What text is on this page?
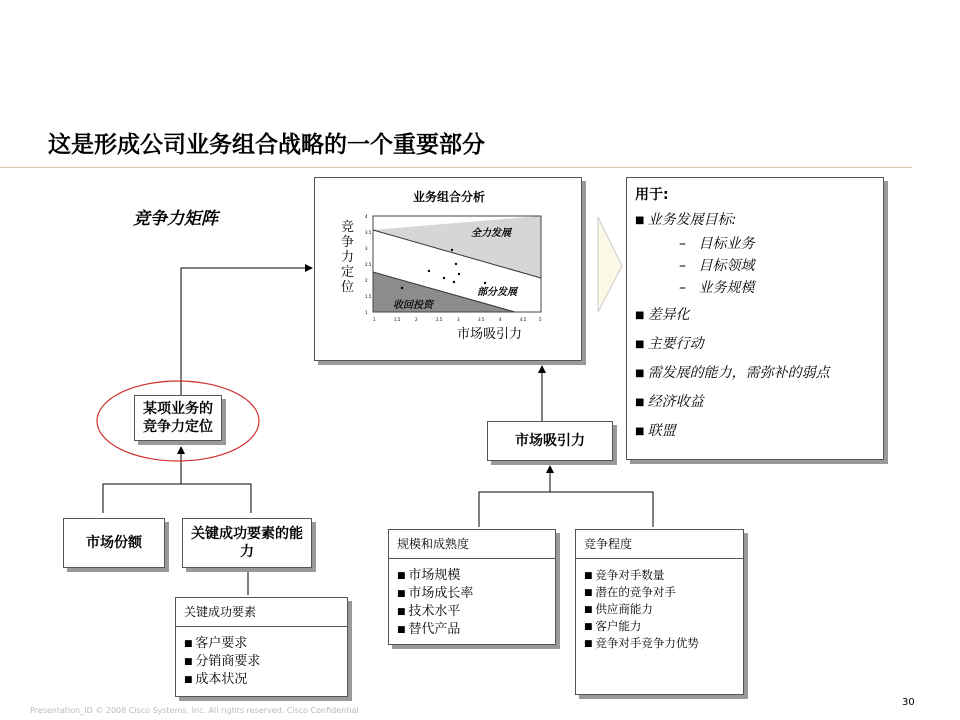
这是形成公司业务组合战略的一个重要部分
竞争力矩阵
业务组合分析
竞争力定位
全力发展
部分发展
收回投资
1	1.5	2	2.5	3	3.5	4	4.5	5
4
3.5
3
2.5
2
1.5
1
市场吸引力
用于:
■ 业务发展目标:
– 目标业务
– 目标领域
– 业务规模
■ 差异化
■ 主要行动
■ 需发展的能力，需弥补的弱点
■ 经济收益
■ 联盟
某项业务的竞争力定位
市场吸引力
市场份额
关键成功要素的能力
关键成功要素
■ 客户要求
■ 分销商要求
■ 成本状况
规模和成熟度
■ 市场规模
■ 市场成长率
■ 技术水平
■ 替代产品
竞争程度
■ 竞争对手数量
■ 潜在的竞争对手
■ 供应商能力
■ 客户能力
■ 竞争对手竞争力优势
Presentation_ID © 2008 Cisco Systems, Inc. All rights reserved. Cisco Confidential
30
